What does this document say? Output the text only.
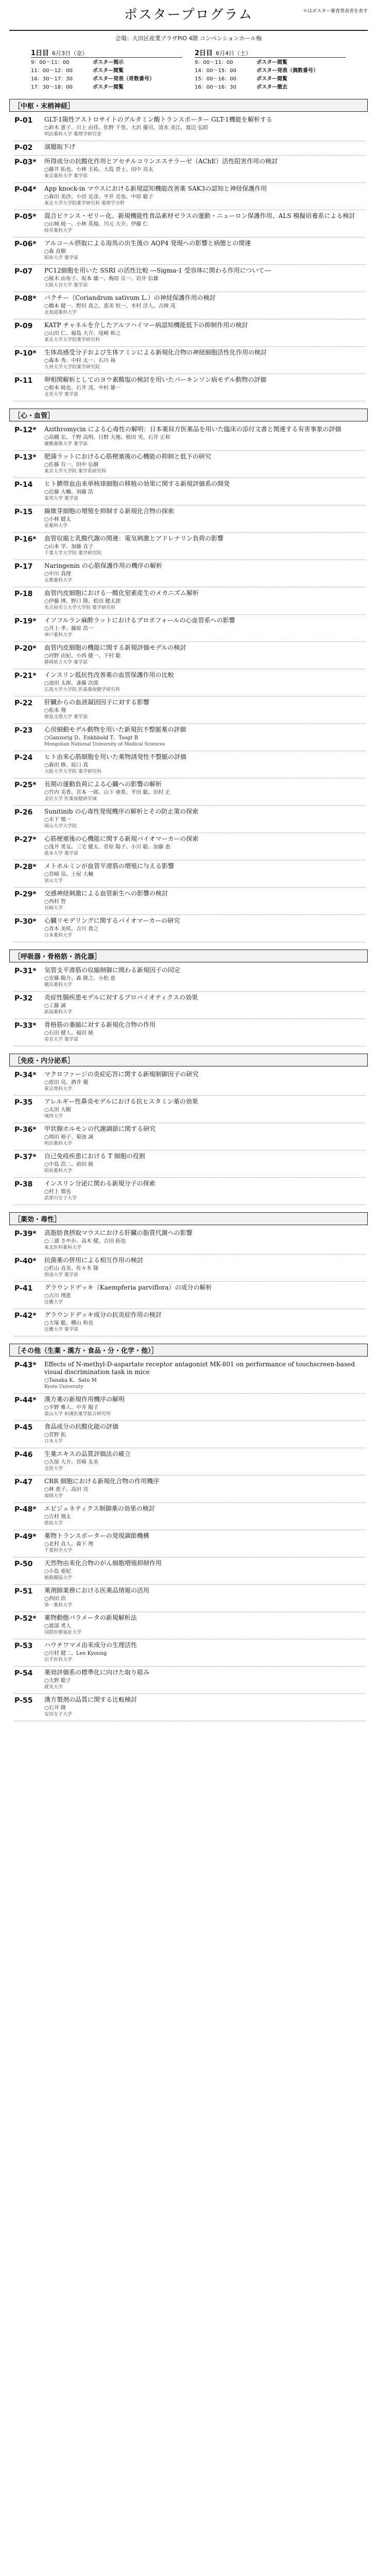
ポスタープログラム	＊はポスター審査発表者を表す
会場：大田区産業プラザPiO 4階 コンベンションホール梅
1日目 6月3日（金）
9：00〜11：00	ポスター掲示
11：00〜12：00	ポスター閲覧
16：30〜17：30	ポスター発表（奇数番号）
17：30〜18：00	ポスター閲覧
2日目 6月4日（土）
9：00〜11：00	ポスター閲覧
14：00〜15：00	ポスター発表（偶数番号）
15：00〜16：00	ポスター閲覧
16：00〜16：30	ポスター撤去
［中枢・末梢神経］
P-01	GLT-1陽性アストロサイトのグルタミン酸トランスポーター GLT-1機能を解析する
○鈴木 恵子、川上 由佳、佐野 千里、大沢 優司、清水 美江、渡辺 弘昭
明治薬科大学 薬理学研究室
P-02	演題取下げ
P-03*	所得成分の抗酸化作用とアセチルコリンエステラーゼ（AChE）活性阻害作用の検討
○藤井 拓也、小林 圭祐、大島 晋士、田中 亮太
東京薬科大学 薬学部
P-04*	App knock-in マウスにおける新規認知機能改善薬 SAK3の認知と神経保護作用
○森田 美沙、小田 克彦、平井 克也、中原 聡子
東北大学大学院薬学研究科 薬理学分野
P-05*	混合ピケンス・ゼリー化、新規機能性食品素材ゼラスの運動・ニューロン保護作用、ALS 模擬培養系による検討
○山城 純一、小林 英規、川元 大介、伊藤 仁
岐阜薬科大学
P-06*	アルコール摂取による海馬の出生後の AQP4 発現への影響と病態との関連
○森 直樹
昭和大学 薬学部
P-07	PC12細胞を用いた SSRI の活性比較 ―Sigma-1 受容体に関わる作用について―
○植木 由布子、坂本 雄一、梅原 京一、岩井 信雄
大阪大谷大学 薬学部
P-08*	パクチー（Coriandrum sativum L.）の神経保護作用の検討
○橋本 健一、野田 真之、恵美 恒一、木村 洋人、吉岡 茂
北海道薬科大学
P-09	KATP チャネルを介したアルツハイマー病認知機能低下の抑制作用の検討
○山田 仁、福島 大介、尾崎 和之
東北大学大学院薬学研究科
P-10*	生体高感受分子および生体アミンによる新規化合物の神経細胞活性化作用の検討
○森本 秀、中村 太一、石川 裕
九州大学大学院薬学研究院
P-11	卵相関解析としてのヨウ素酸塩の検討を用いたパーキンソン病モデル動物の評価
○根本 純也、石井 茂、中村 雄一
北里大学 薬学部
［心・血管］
P-12*	Azithromycin による心毒性の解明：日本薬局方医薬品を用いた臨床の添付文書と関連する有害事象の評価
○高橋 宏、千野 高明、日野 大地、植田 実、石井 正和
慶應義塾大学 薬学部
P-13*	肥満ラットにおける心筋梗塞後の心機能の抑制と低下の研究
○佐藤 有一、田中 弘樹
東京大学大学院 薬学系研究科
P-14	ヒト臍帯血由来単核球細胞の移植の効果に関する新規評価系の開発
○近藤 大輔、須藤 浩
東邦大学 薬学部
P-15	線維芽細胞の増殖を抑制する新規化合物の探索
○小林 健太
星薬科大学
P-16*	血管収縮と乳酸代謝の関連：電気刺激とアドレナリン負荷の影響
○山本 学、加藤 直子
千葉大学大学院 薬学研究院
P-17	Naringenin の心筋保護作用の機序の解析
○中川 真理
京都薬科大学
P-18	血管内皮細胞における一酸化窒素産生のメカニズム解析
○伊藤 博、野口 隆、松田 健太郎
名古屋市立大学大学院 薬学研究科
P-19*	イソフルラン麻酔ラットにおけるプロポフォールの心血管系への影響
○井上 孝、藤原 浩一
神戸薬科大学
P-20*	血管内皮細胞の機能に関する新規評価モデルの検討
○河野 由紀、小西 健一、下村 聡
静岡県立大学 薬学部
P-21*	インスリン抵抗性改善薬の血管保護作用の比較
○池田 太郎、斎藤 次郎
広島大学大学院 医歯薬保健学研究科
P-22	肝臓からの血液凝固因子に対する影響
○松本 翔
徳島文理大学 薬学部
P-23	心房細動モデル動物を用いた新規抗不整脈薬の評価
○Ganzorig D、Enkhbold T、Tsogt B
Mongolian National University of Medical Sciences
P-24	ヒト由来心筋細胞を用いた薬物誘発性不整脈の評価
○森田 修、坂口 真
大阪大学大学院 薬学研究科
P-25*	長期の運動負荷による心臓への影響の解析
○竹内 美香、宮本 一郎、山下 亜希、平田 聡、田村 正
金沢大学 医薬保健研究域
P-26	Sunitinib の心毒性発現機序の解析とその防止策の探索
○木下 慎一
岡山大学大学院
P-27*	心筋梗塞後の心機能に関する新規バイオマーカーの探索
○浅井 勇気、三宅 健太、菅原 陽子、小川 聡、加藤 恵
熊本大学 薬学部
P-28*	メトホルミンが血管平滑筋の増殖に与える影響
○宮崎 涼、土屋 大輔
富山大学
P-29*	交感神経刺激による血管新生への影響の検討
○西村 智
長崎大学
P-30*	心臓リモデリングに関するバイオマーカーの研究
○青木 美咲、吉川 貴之
日本薬科大学
［呼吸器・骨格筋・消化器］
P-31*	気管支平滑筋の収縮制御に関わる新規因子の同定
○安藤 陽介、森 隆之、小松 恵
横浜薬科大学
P-32	炎症性腸疾患モデルに対するプロバイオティクスの効果
○工藤 誠
新潟薬科大学
P-33*	骨格筋の萎縮に対する新規化合物の作用
○石田 健人、福田 綾
帝京大学 薬学部
［免疫・内分泌系］
P-34*	マクロファージの炎症応答に関する新規制御因子の研究
○原田 亮、酒井 優
東京理科大学
P-35	アレルギー性鼻炎モデルにおける抗ヒスタミン薬の効果
○太田 大樹
城西大学
P-36*	甲状腺ホルモンの代謝調節に関する研究
○岡田 裕子、菊池 誠
明治薬科大学
P-37*	自己免疫疾患における T 細胞の役割
○中島 浩二、前田 純
昭和薬科大学
P-38	インスリン分泌に関わる新規分子の探索
○村上 慎也
武庫川女子大学
［薬効・毒性］
P-39*	高脂肪食摂取マウスにおける肝臓の脂質代謝への影響
○三浦 さやか、高木 健、吉田 拓也
東北医科薬科大学
P-40*	抗菌薬の併用による相互作用の検討
○杉山 直美、佐々木 隆
摂南大学 薬学部
P-41	グラウンドデッキ（Kaempferia parviflora）の成分の解析
○古川 理恵
近畿大学
P-42*	グラウンドデッキ成分の抗炎症作用の検討
○大塚 聡、横山 和也
近畿大学 薬学部
［その他（生薬・漢方・食品・分・化学・他）］
P-43*	Effects of N-methyl-D-aspartate receptor antagonist MK-801 on performance of touchscreen-based visual discrimination task in mice
○Tanaka K、Sato M
Kyoto University
P-44*	漢方薬の新規作用機序の解明
○平野 雅人、中井 陽子
富山大学 和漢医薬学総合研究所
P-45	食品成分の抗酸化能の評価
○菅野 拓
日本大学
P-46	生薬エキスの品質評価法の確立
○久保 大介、宮崎 友美
北陸大学
P-47	CRR 細胞における新規化合物の作用機序
○林 恵子、高田 亮
福岡大学
P-48*	エピジェネティクス制御薬の効果の検討
○吉村 翔太
徳島大学
P-49*	薬物トランスポーターの発現調節機構
○北村 直人、森下 理
千葉科学大学
P-50	天然物由来化合物のがん細胞増殖抑制作用
○小島 亜紀
姫路獨協大学
P-51	薬剤師業務における医薬品情報の活用
○西田 浩
第一薬科大学
P-52*	薬物動態パラメータの新規解析法
○渡部 勇人
国際医療福祉大学
P-53	ハウチワマメ由来成分の生理活性
○川村 健二、Lee Kyoung
岩手医科大学
P-54	薬効評価系の標準化に向けた取り組み
○大野 聡子
就実大学
P-55	漢方製剤の品質に関する比較検討
○石井 隆
安田女子大学
